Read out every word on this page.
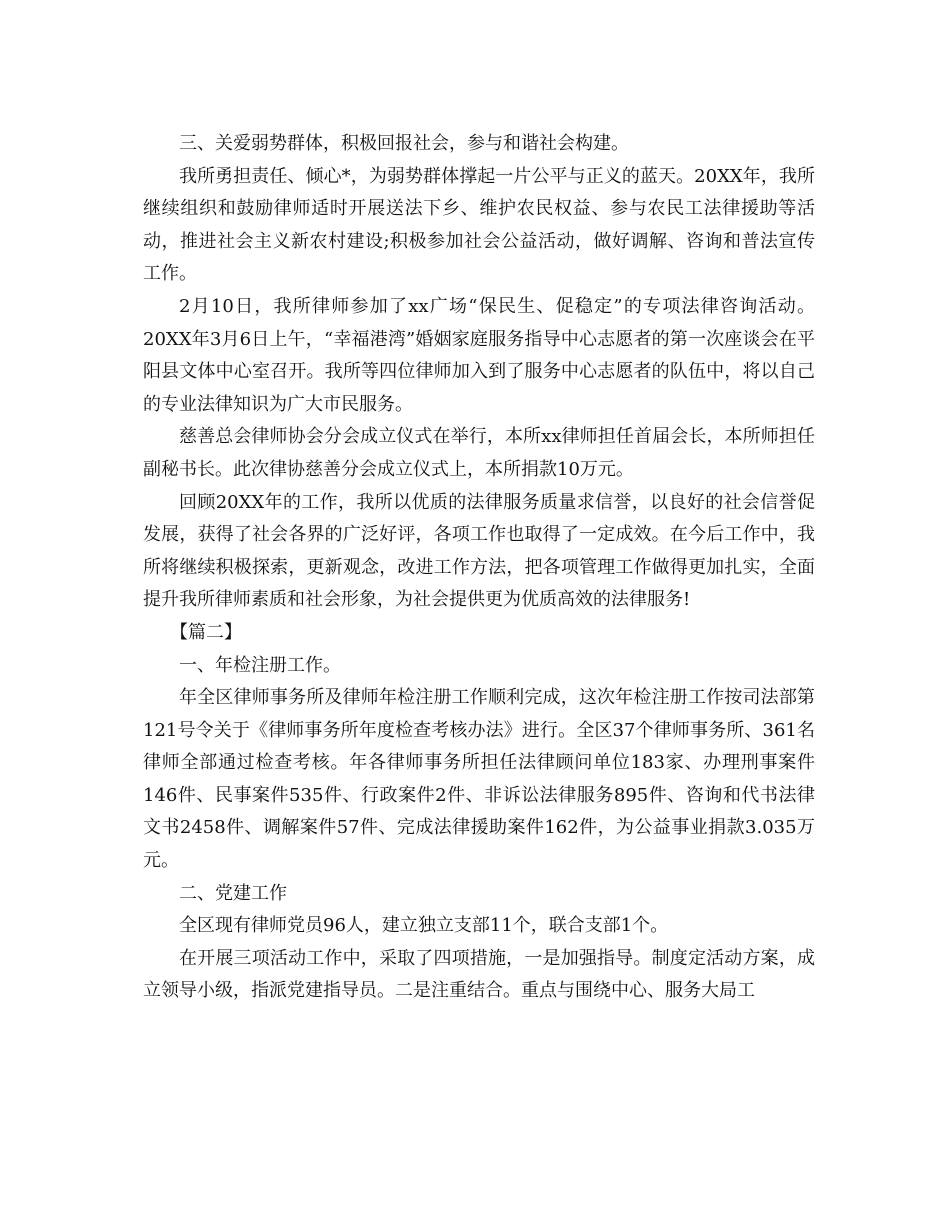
三、关爱弱势群体，积极回报社会，参与和谐社会构建。

我所勇担责任、倾心*，为弱势群体撑起一片公平与正义的蓝天。20XX年，我所继续组织和鼓励律师适时开展送法下乡、维护农民权益、参与农民工法律援助等活动，推进社会主义新农村建设;积极参加社会公益活动，做好调解、咨询和普法宣传工作。

2月10日，我所律师参加了xx广场“保民生、促稳定”的专项法律咨询活动。20XX年3月6日上午，“幸福港湾”婚姻家庭服务指导中心志愿者的第一次座谈会在平阳县文体中心室召开。我所等四位律师加入到了服务中心志愿者的队伍中，将以自己的专业法律知识为广大市民服务。

慈善总会律师协会分会成立仪式在举行，本所xx律师担任首届会长，本所师担任副秘书长。此次律协慈善分会成立仪式上，本所捐款10万元。

回顾20XX年的工作，我所以优质的法律服务质量求信誉，以良好的社会信誉促发展，获得了社会各界的广泛好评，各项工作也取得了一定成效。在今后工作中，我所将继续积极探索，更新观念，改进工作方法，把各项管理工作做得更加扎实，全面提升我所律师素质和社会形象，为社会提供更为优质高效的法律服务!

【篇二】

一、年检注册工作。

年全区律师事务所及律师年检注册工作顺利完成，这次年检注册工作按司法部第121号令关于《律师事务所年度检查考核办法》进行。全区37个律师事务所、361名律师全部通过检查考核。年各律师事务所担任法律顾问单位183家、办理刑事案件146件、民事案件535件、行政案件2件、非诉讼法律服务895件、咨询和代书法律文书2458件、调解案件57件、完成法律援助案件162件，为公益事业捐款3.035万元。

二、党建工作

全区现有律师党员96人，建立独立支部11个，联合支部1个。

在开展三项活动工作中，采取了四项措施，一是加强指导。制度定活动方案，成立领导小级，指派党建指导员。二是注重结合。重点与围绕中心、服务大局工
